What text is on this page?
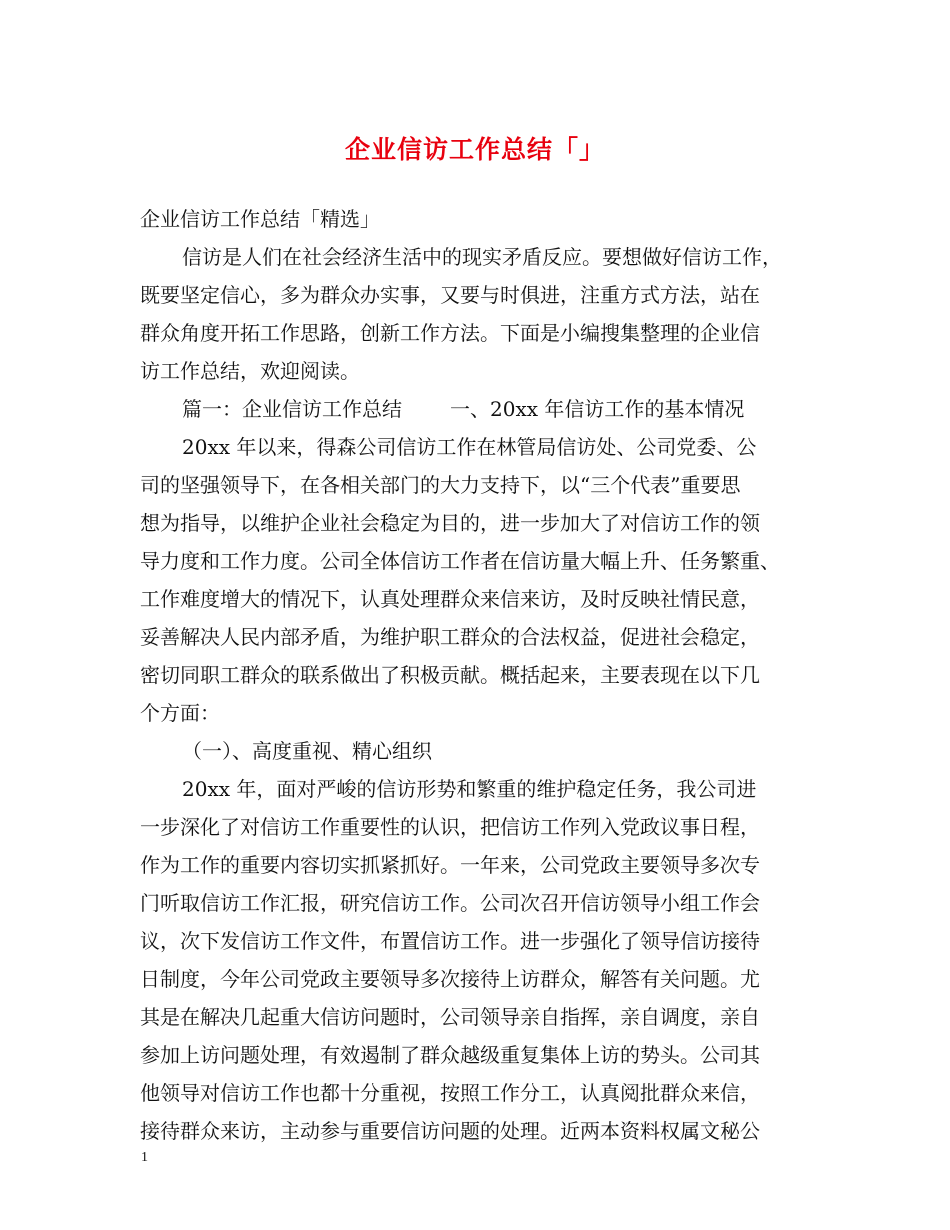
企业信访工作总结「」
企业信访工作总结「精选」
信访是人们在社会经济生活中的现实矛盾反应。要想做好信访工作，
既要坚定信心，多为群众办实事，又要与时俱进，注重方式方法，站在
群众角度开拓工作思路，创新工作方法。下面是小编搜集整理的企业信
访工作总结，欢迎阅读。
篇一：企业信访工作总结 一、20xx 年信访工作的基本情况
20xx 年以来，得森公司信访工作在林管局信访处、公司党委、公
司的坚强领导下，在各相关部门的大力支持下，以“三个代表”重要思
想为指导，以维护企业社会稳定为目的，进一步加大了对信访工作的领
导力度和工作力度。公司全体信访工作者在信访量大幅上升、任务繁重、
工作难度增大的情况下，认真处理群众来信来访，及时反映社情民意，
妥善解决人民内部矛盾，为维护职工群众的合法权益，促进社会稳定，
密切同职工群众的联系做出了积极贡献。概括起来，主要表现在以下几
个方面：
（一）、高度重视、精心组织
20xx 年，面对严峻的信访形势和繁重的维护稳定任务，我公司进
一步深化了对信访工作重要性的认识，把信访工作列入党政议事日程，
作为工作的重要内容切实抓紧抓好。一年来，公司党政主要领导多次专
门听取信访工作汇报，研究信访工作。公司次召开信访领导小组工作会
议，次下发信访工作文件，布置信访工作。进一步强化了领导信访接待
日制度，今年公司党政主要领导多次接待上访群众，解答有关问题。尤
其是在解决几起重大信访问题时，公司领导亲自指挥，亲自调度，亲自
参加上访问题处理，有效遏制了群众越级重复集体上访的势头。公司其
他领导对信访工作也都十分重视，按照工作分工，认真阅批群众来信，
接待群众来访，主动参与重要信访问题的处理。近两本资料权属文秘公
1
